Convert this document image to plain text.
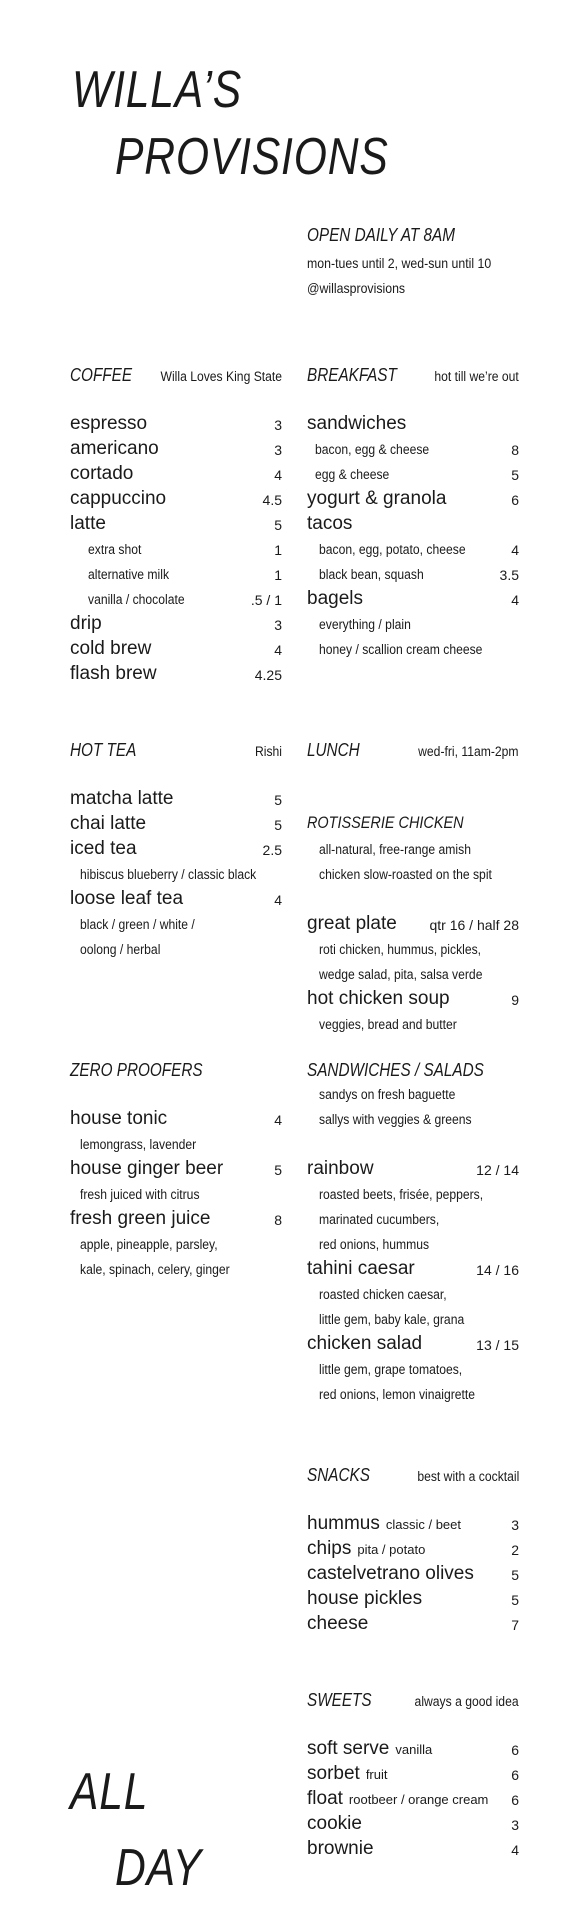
WILLA’S
PROVISIONS
OPEN DAILY AT 8AM
mon-tues until 2, wed-sun until 10
@willasprovisions
COFFEE Willa Loves King State
espresso	3
americano	3
cortado	4
cappuccino	4.5
latte	5
extra shot	1
alternative milk	1
vanilla / chocolate	.5 / 1
drip	3
cold brew	4
flash brew	4.25
HOT TEA	Rishi
matcha latte	5
chai latte	5
iced tea	2.5
hibiscus blueberry / classic black
loose leaf tea	4
black / green / white /
oolong / herbal
ZERO PROOFERS
house tonic	4
lemongrass, lavender
house ginger beer	5
fresh juiced with citrus
fresh green juice	8
apple, pineapple, parsley,
kale, spinach, celery, ginger
BREAKFAST	hot till we’re out
sandwiches
bacon, egg & cheese	8
egg & cheese	5
yogurt & granola	6
tacos
bacon, egg, potato, cheese	4
black bean, squash	3.5
bagels	4
everything / plain
honey / scallion cream cheese
LUNCH	wed-fri, 11am-2pm
ROTISSERIE CHICKEN
all-natural, free-range amish
chicken slow-roasted on the spit
great plate qtr 16 / half 28
roti chicken, hummus, pickles,
wedge salad, pita, salsa verde
hot chicken soup	9
veggies, bread and butter
SANDWICHES / SALADS
sandys on fresh baguette
sallys with veggies & greens
rainbow	12 / 14
roasted beets, frisée, peppers,
marinated cucumbers,
red onions, hummus
tahini caesar	14 / 16
roasted chicken caesar,
little gem, baby kale, grana
chicken salad	13 / 15
little gem, grape tomatoes,
red onions, lemon vinaigrette
SNACKS	best with a cocktail
hummus classic / beet	3
chips pita / potato	2
castelvetrano olives	5
house pickles	5
cheese	7
SWEETS	always a good idea
soft serve vanilla	6
sorbet fruit	6
float rootbeer / orange cream 6
cookie	3
brownie	4
ALL
DAY
